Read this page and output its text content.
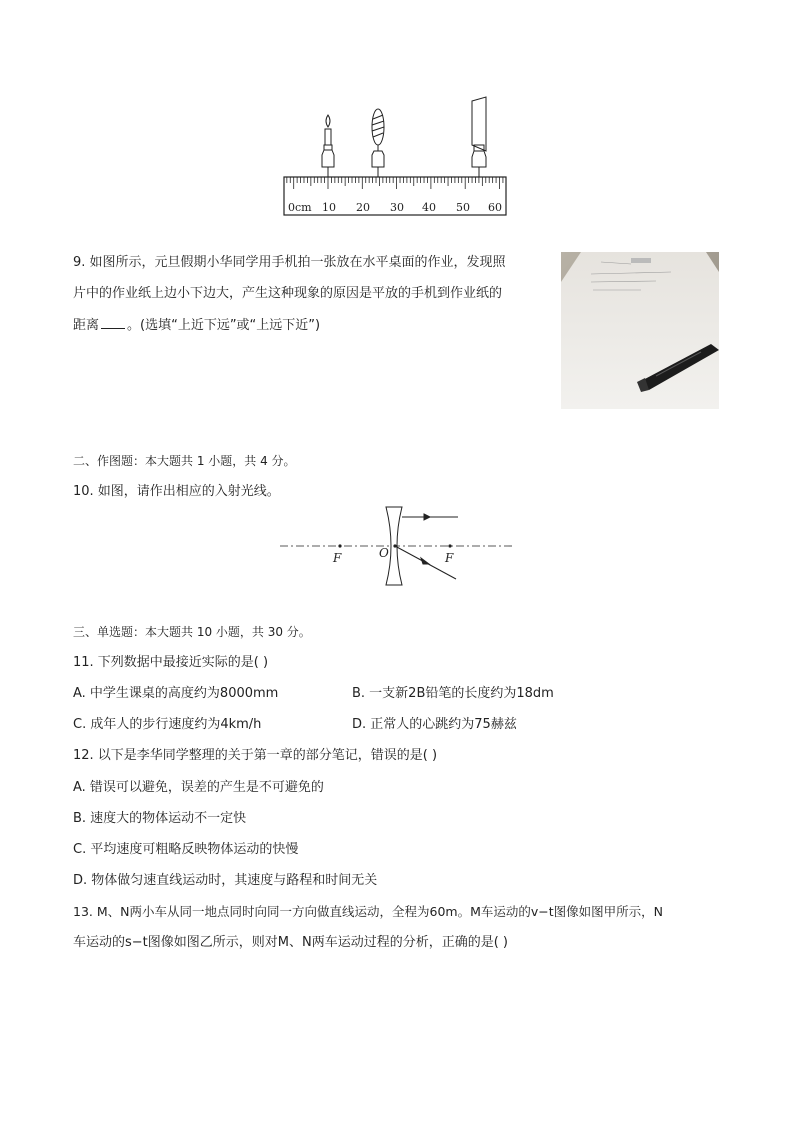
0cm 10 20 30 40 50 60
9. 如图所示，元旦假期小华同学用手机拍一张放在水平桌面的作业，发现照
片中的作业纸上边小下边大，产生这种现象的原因是平放的手机到作业纸的
距离 。(选填“上近下远”或“上远下近”)
二、作图题：本大题共 1 小题，共 4 分。
10. 如图，请作出相应的入射光线。
F	O	F
三、单选题：本大题共 10 小题，共 30 分。
11. 下列数据中最接近实际的是( )
A. 中学生课桌的高度约为8000mm	B. 一支新2B铅笔的长度约为18dm
C. 成年人的步行速度约为4km/h	D. 正常人的心跳约为75赫兹
12. 以下是李华同学整理的关于第一章的部分笔记，错误的是( )
A. 错误可以避免，误差的产生是不可避免的
B. 速度大的物体运动不一定快
C. 平均速度可粗略反映物体运动的快慢
D. 物体做匀速直线运动时，其速度与路程和时间无关
13. M、N两小车从同一地点同时向同一方向做直线运动，全程为60m。M车运动的v−t图像如图甲所示，N
车运动的s−t图像如图乙所示，则对M、N两车运动过程的分析，正确的是( )
